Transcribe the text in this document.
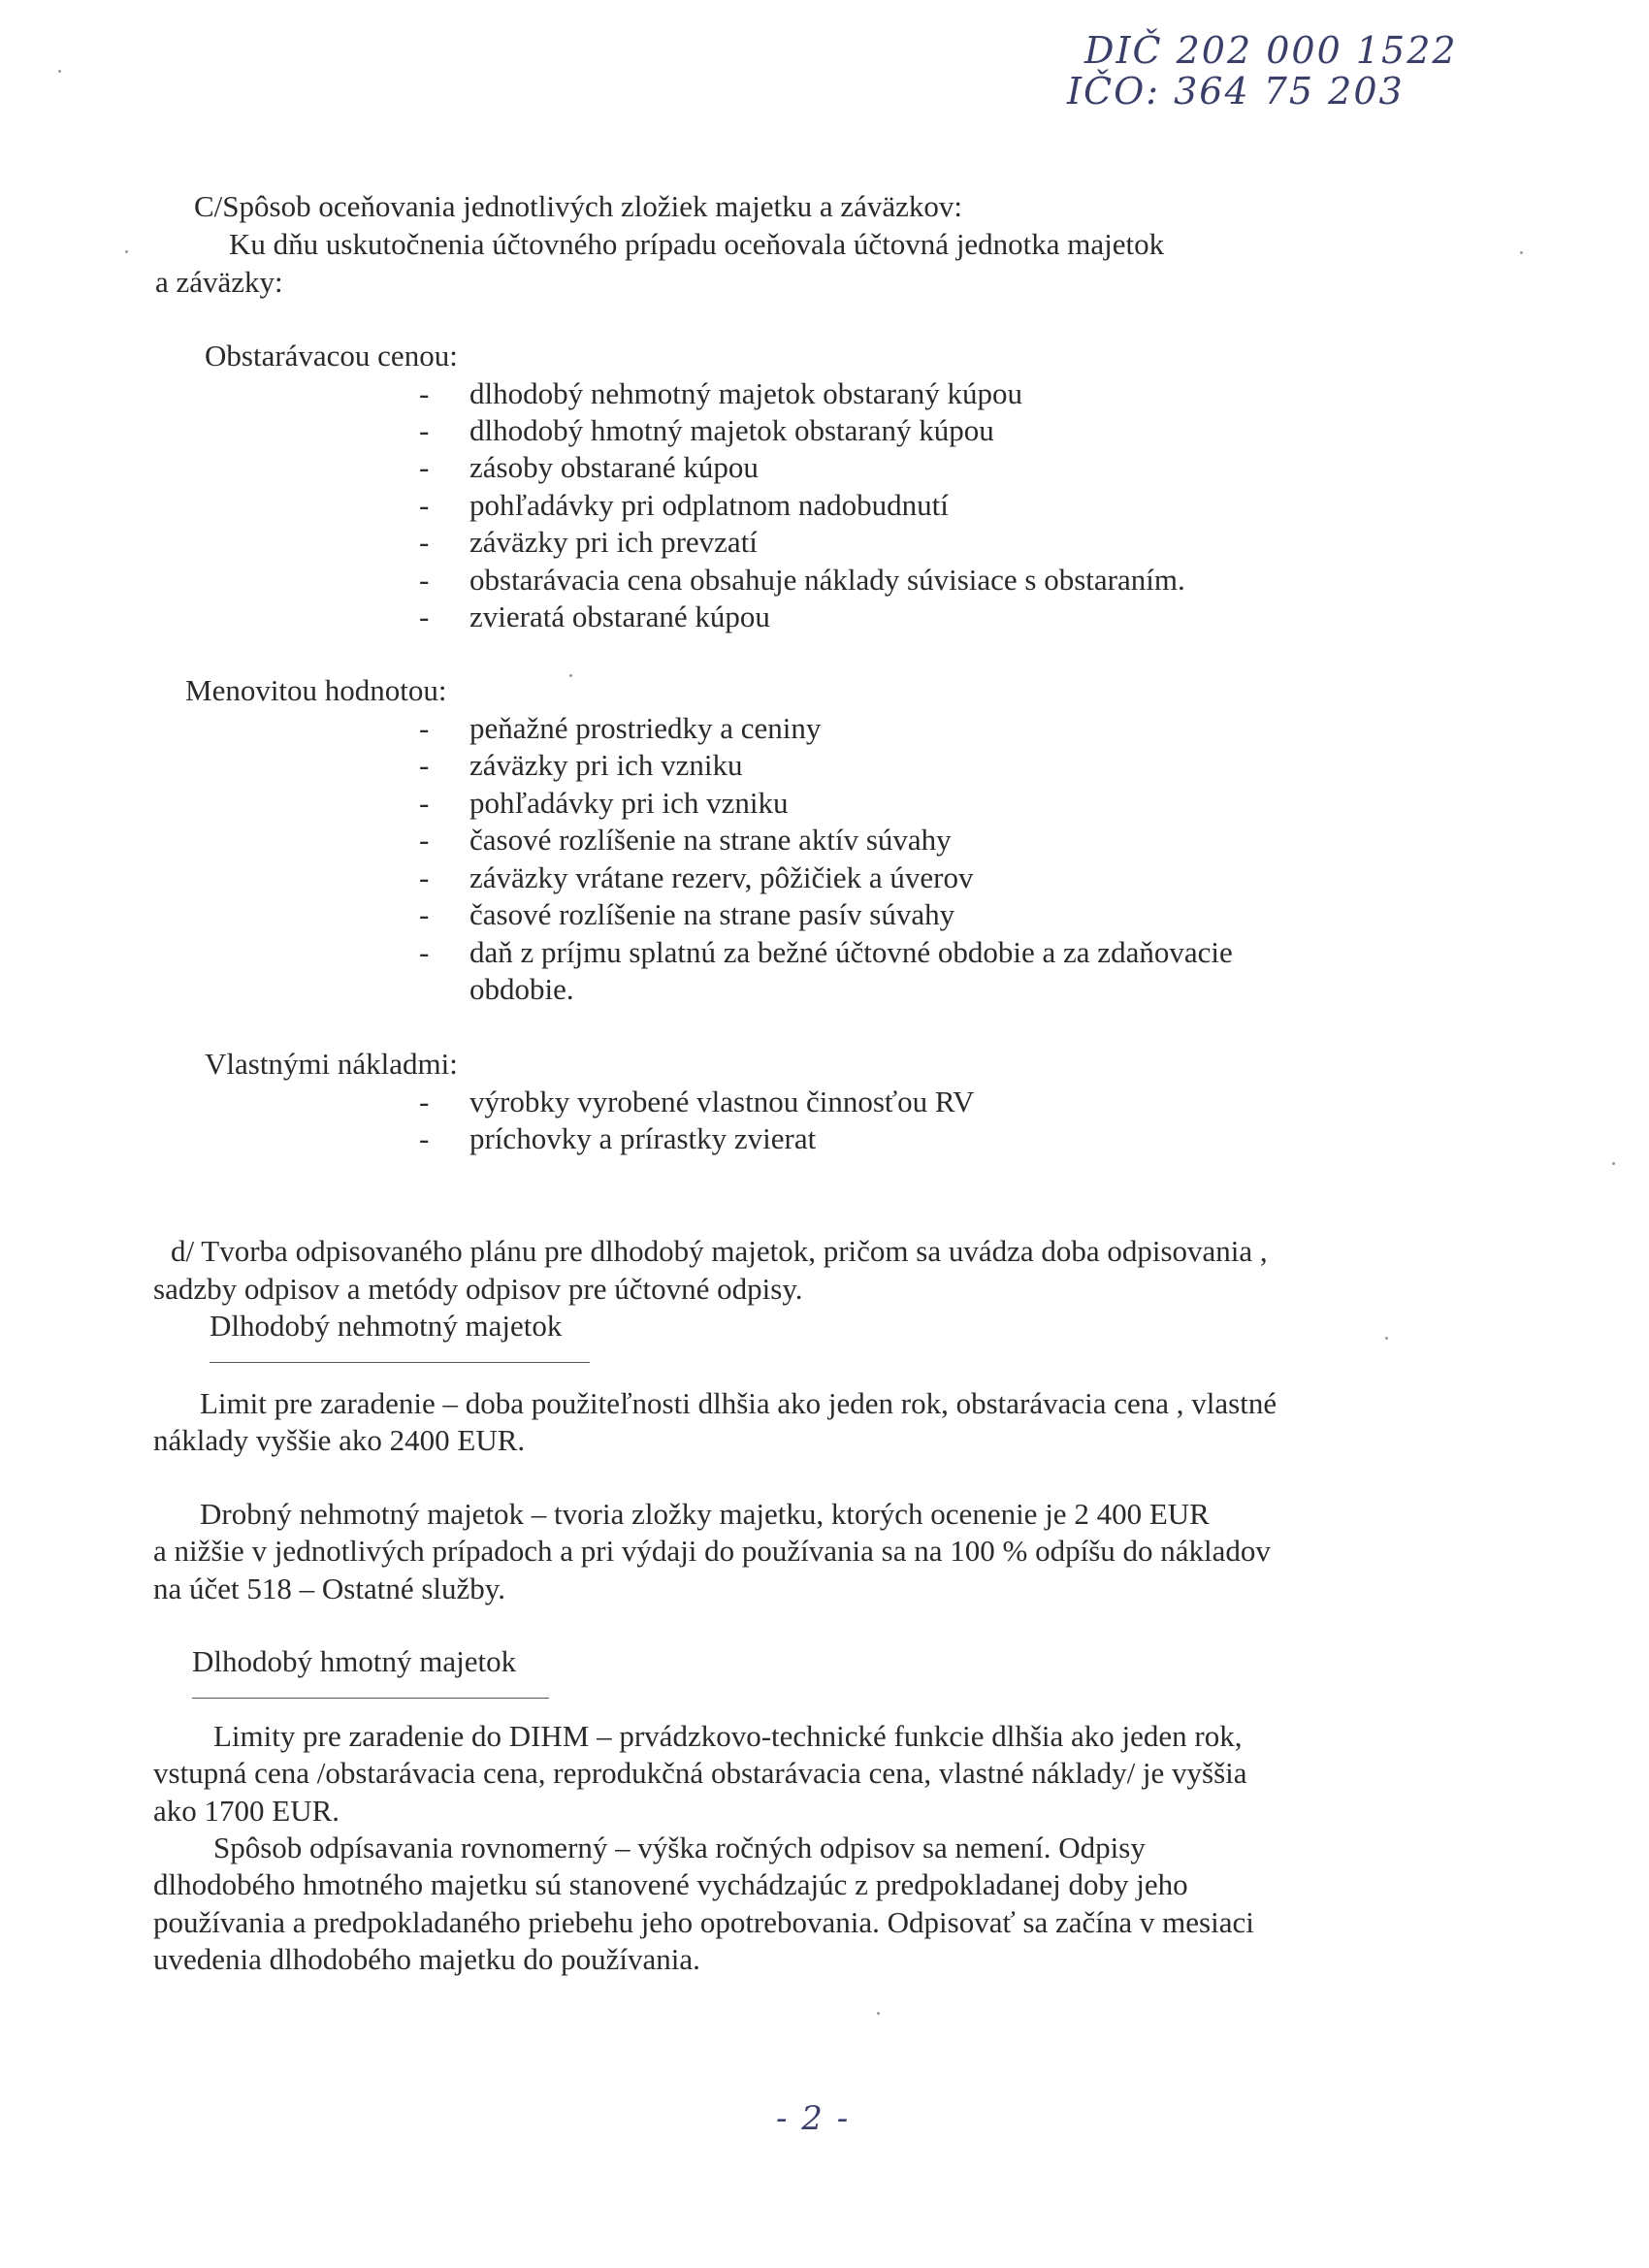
DIČ 202 000 1522
IČO: 364 75 203
C/Spôsob oceňovania jednotlivých zložiek majetku a záväzkov:
Ku dňu uskutočnenia účtovného prípadu oceňovala účtovná jednotka majetok
a záväzky:
Obstarávacou cenou:
- dlhodobý nehmotný majetok obstaraný kúpou
- dlhodobý hmotný majetok obstaraný kúpou
- zásoby obstarané kúpou
- pohľadávky pri odplatnom nadobudnutí
- záväzky pri ich prevzatí
- obstarávacia cena obsahuje náklady súvisiace s obstaraním.
- zvieratá obstarané kúpou
Menovitou hodnotou:
- peňažné prostriedky a ceniny
- záväzky pri ich vzniku
- pohľadávky pri ich vzniku
- časové rozlíšenie na strane aktív súvahy
- záväzky vrátane rezerv, pôžičiek a úverov
- časové rozlíšenie na strane pasív súvahy
- daň z príjmu splatnú za bežné účtovné obdobie a za zdaňovacie
obdobie.
Vlastnými nákladmi:
- výrobky vyrobené vlastnou činnosťou RV
- príchovky a prírastky zvierat
d/ Tvorba odpisovaného plánu pre dlhodobý majetok, pričom sa uvádza doba odpisovania ,
sadzby odpisov a metódy odpisov pre účtovné odpisy.
Dlhodobý nehmotný majetok
Limit pre zaradenie – doba použiteľnosti dlhšia ako jeden rok, obstarávacia cena , vlastné
náklady vyššie ako 2400 EUR.
Drobný nehmotný majetok – tvoria zložky majetku, ktorých ocenenie je 2 400 EUR
a nižšie v jednotlivých prípadoch a pri výdaji do používania sa na 100 % odpíšu do nákladov
na účet 518 – Ostatné služby.
Dlhodobý hmotný majetok
Limity pre zaradenie do DIHM – prvádzkovo-technické funkcie dlhšia ako jeden rok,
vstupná cena /obstarávacia cena, reprodukčná obstarávacia cena, vlastné náklady/ je vyššia
ako 1700 EUR.
Spôsob odpísavania rovnomerný – výška ročných odpisov sa nemení. Odpisy
dlhodobého hmotného majetku sú stanovené vychádzajúc z predpokladanej doby jeho
používania a predpokladaného priebehu jeho opotrebovania. Odpisovať sa začína v mesiaci
uvedenia dlhodobého majetku do používania.
- 2 -
